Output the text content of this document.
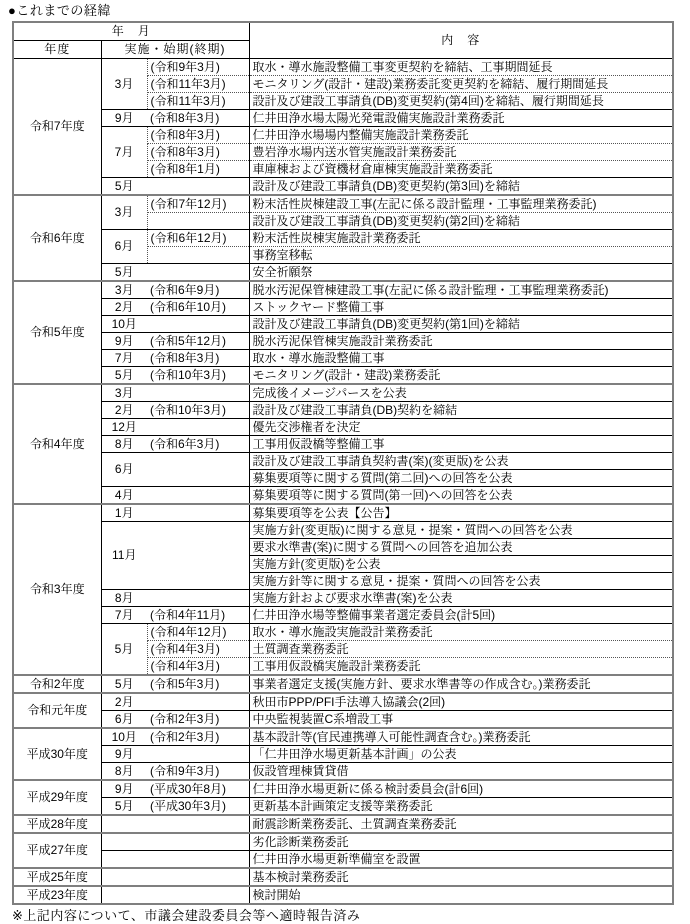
●これまでの経緯
年　月			内　容
年度	実施・始期(終期)		
令和7年度	3月	(令和9年3月)	取水・導水施設整備工事変更契約を締結、工事期間延長
		(令和11年3月)	モニタリング(設計・建設)業務委託変更契約を締結、履行期間延長
		(令和11年3月)	設計及び建設工事請負(DB)変更契約(第4回)を締結、履行期間延長
	9月	(令和8年3月)	仁井田浄水場太陽光発電設備実施設計業務委託
	7月	(令和8年3月)	仁井田浄水場場内整備実施設計業務委託
		(令和8年3月)	豊岩浄水場内送水管実施設計業務委託
		(令和8年1月)	車庫棟および資機材倉庫棟実施設計業務委託
	5月		設計及び建設工事請負(DB)変更契約(第3回)を締結
令和6年度	3月	(令和7年12月)	粉末活性炭棟建設工事(左記に係る設計監理・工事監理業務委託)
			設計及び建設工事請負(DB)変更契約(第2回)を締結
	6月	(令和6年12月)	粉末活性炭棟実施設計業務委託
			事務室移転
	5月		安全祈願祭
令和5年度	3月	(令和6年9月)	脱水汚泥保管棟建設工事(左記に係る設計監理・工事監理業務委託)
	2月	(令和6年10月)	ストックヤード整備工事
	10月		設計及び建設工事請負(DB)変更契約(第1回)を締結
	9月	(令和5年12月)	脱水汚泥保管棟実施設計業務委託
	7月	(令和8年3月)	取水・導水施設整備工事
	5月	(令和10年3月)	モニタリング(設計・建設)業務委託
令和4年度	3月		完成後イメージパースを公表
	2月	(令和10年3月)	設計及び建設工事請負(DB)契約を締結
	12月		優先交渉権者を決定
	8月	(令和6年3月)	工事用仮設橋等整備工事
	6月		設計及び建設工事請負契約書(案)(変更版)を公表
			募集要項等に関する質問(第二回)への回答を公表
	4月		募集要項等に関する質問(第一回)への回答を公表
令和3年度	1月		募集要項等を公表【公告】
	11月		実施方針(変更版)に関する意見・提案・質問への回答を公表
			要求水準書(案)に関する質問への回答を追加公表
			実施方針(変更版)を公表
			実施方針等に関する意見・提案・質問への回答を公表
	8月		実施方針および要求水準書(案)を公表
	7月	(令和4年11月)	仁井田浄水場等整備事業者選定委員会(計5回)
	5月	(令和4年12月)	取水・導水施設実施設計業務委託
		(令和4年3月)	土質調査業務委託
		(令和4年3月)	工事用仮設橋実施設計業務委託
令和2年度	5月	(令和5年3月)	事業者選定支援(実施方針、要求水準書等の作成含む。)業務委託
令和元年度	2月		秋田市PPP/PFI手法導入協議会(2回)
	6月	(令和2年3月)	中央監視装置C系増設工事
平成30年度	10月	(令和2年3月)	基本設計等(官民連携導入可能性調査含む。)業務委託
	9月		「仁井田浄水場更新基本計画」の公表
	8月	(令和9年3月)	仮設管理棟賃貸借
平成29年度	9月	(平成30年8月)	仁井田浄水場更新に係る検討委員会(計6回)
	5月	(平成30年3月)	更新基本計画策定支援等業務委託
平成28年度			耐震診断業務委託、土質調査業務委託
平成27年度			劣化診断業務委託
			仁井田浄水場更新準備室を設置
平成25年度			基本検討業務委託
平成23年度			検討開始
※上記内容について、市議会建設委員会等へ適時報告済み
